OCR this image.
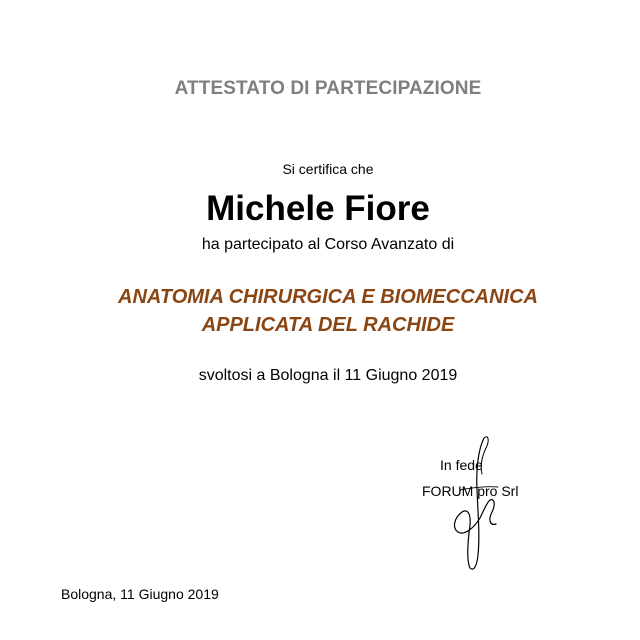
ATTESTATO DI PARTECIPAZIONE
Si certifica che
Michele Fiore
ha partecipato al Corso Avanzato di
ANATOMIA CHIRURGICA E BIOMECCANICA
APPLICATA DEL RACHIDE
svoltosi a Bologna il 11 Giugno 2019
In fede
FORUM pro Srl
Bologna, 11 Giugno 2019
